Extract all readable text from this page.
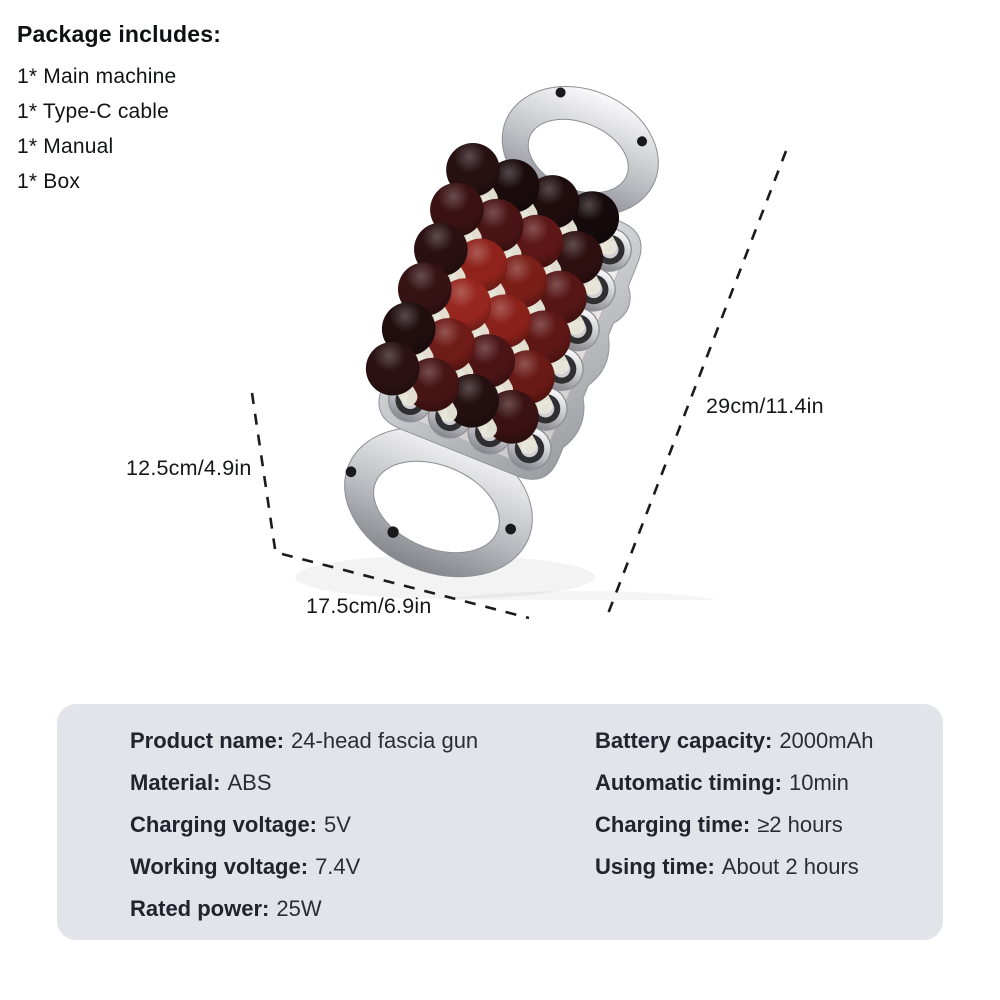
Package includes:
1* Main machine
1* Type-C cable
1* Manual
1* Box
29cm/11.4in
12.5cm/4.9in
17.5cm/6.9in
Product name: 24-head fascia gun
Material: ABS
Charging voltage: 5V
Working voltage: 7.4V
Rated power: 25W
Battery capacity: 2000mAh
Automatic timing: 10min
Charging time: ≥2 hours
Using time: About 2 hours
